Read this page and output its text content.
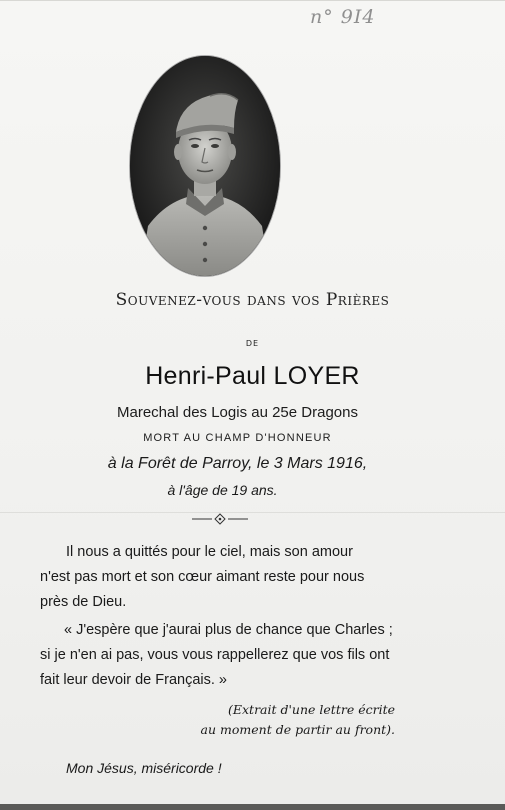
n° 9I4
Souvenez-vous dans vos Prières
DE
Henri-Paul LOYER
Marechal des Logis au 25e Dragons
MORT AU CHAMP D'HONNEUR
à la Forêt de Parroy, le 3 Mars 1916,
à l'âge de 19 ans.
Il nous a quittés pour le ciel, mais son amour
n'est pas mort et son cœur aimant reste pour nous
près de Dieu.
« J'espère que j'aurai plus de chance que Charles ;
si je n'en ai pas, vous vous rappellerez que vos fils ont
fait leur devoir de Français. »
(Extrait d'une lettre écrite
au moment de partir au front).
Mon Jésus, miséricorde !
